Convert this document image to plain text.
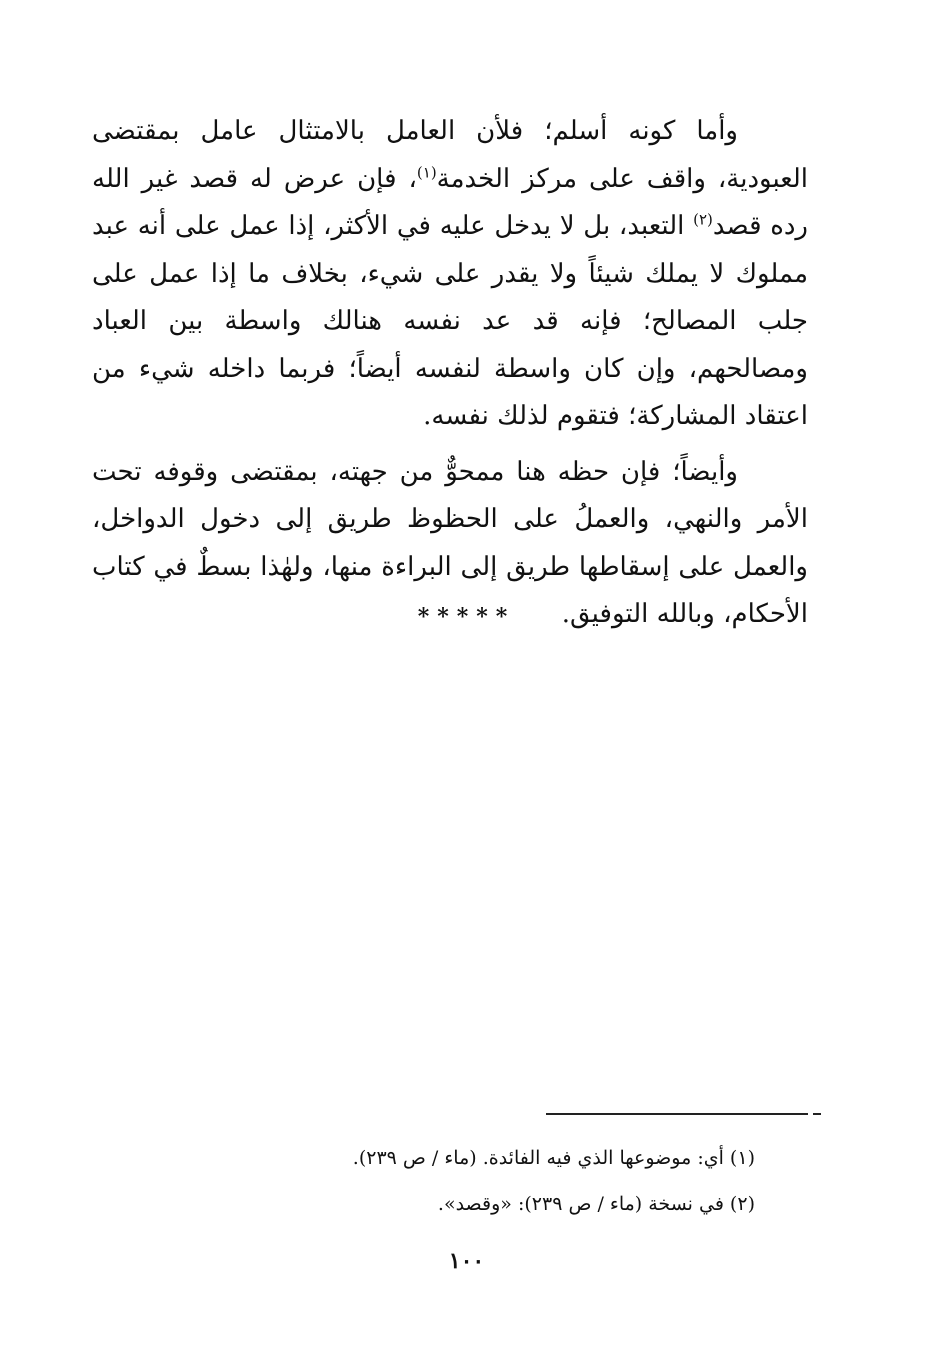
وأما كونه أسلم؛ فلأن العامل بالامتثال عامل بمقتضى العبودية، واقف على مركز الخدمة$^{(١)}$، فإن عرض له قصد غير الله رده قصد$^{(٢)}$ التعبد، بل لا يدخل عليه في الأكثر، إذا عمل على أنه عبد مملوك لا يملك شيئاً ولا يقدر على شيء، بخلاف ما إذا عمل على جلب المصالح؛ فإنه قد عد نفسه هنالك واسطة بين العباد ومصالحهم، وإن كان واسطة لنفسه أيضاً؛ فربما داخله شيء من اعتقاد المشاركة؛ فتقوم لذلك نفسه.

وأيضاً؛ فإن حظه هنا ممحوٌّ من جهته، بمقتضى وقوفه تحت الأمر والنهي، والعملُ على الحظوظ طريق إلى دخول الدواخل، والعمل على إسقاطها طريق إلى البراءة منها، ولهٰذا بسطٌ في كتاب الأحكام، وبالله التوفيق.

*****

(١) أي: موضوعها الذي فيه الفائدة. (ماء / ص ٢٣٩).

(٢) في نسخة (ماء / ص ٢٣٩): «وقصد».

١٠٠
